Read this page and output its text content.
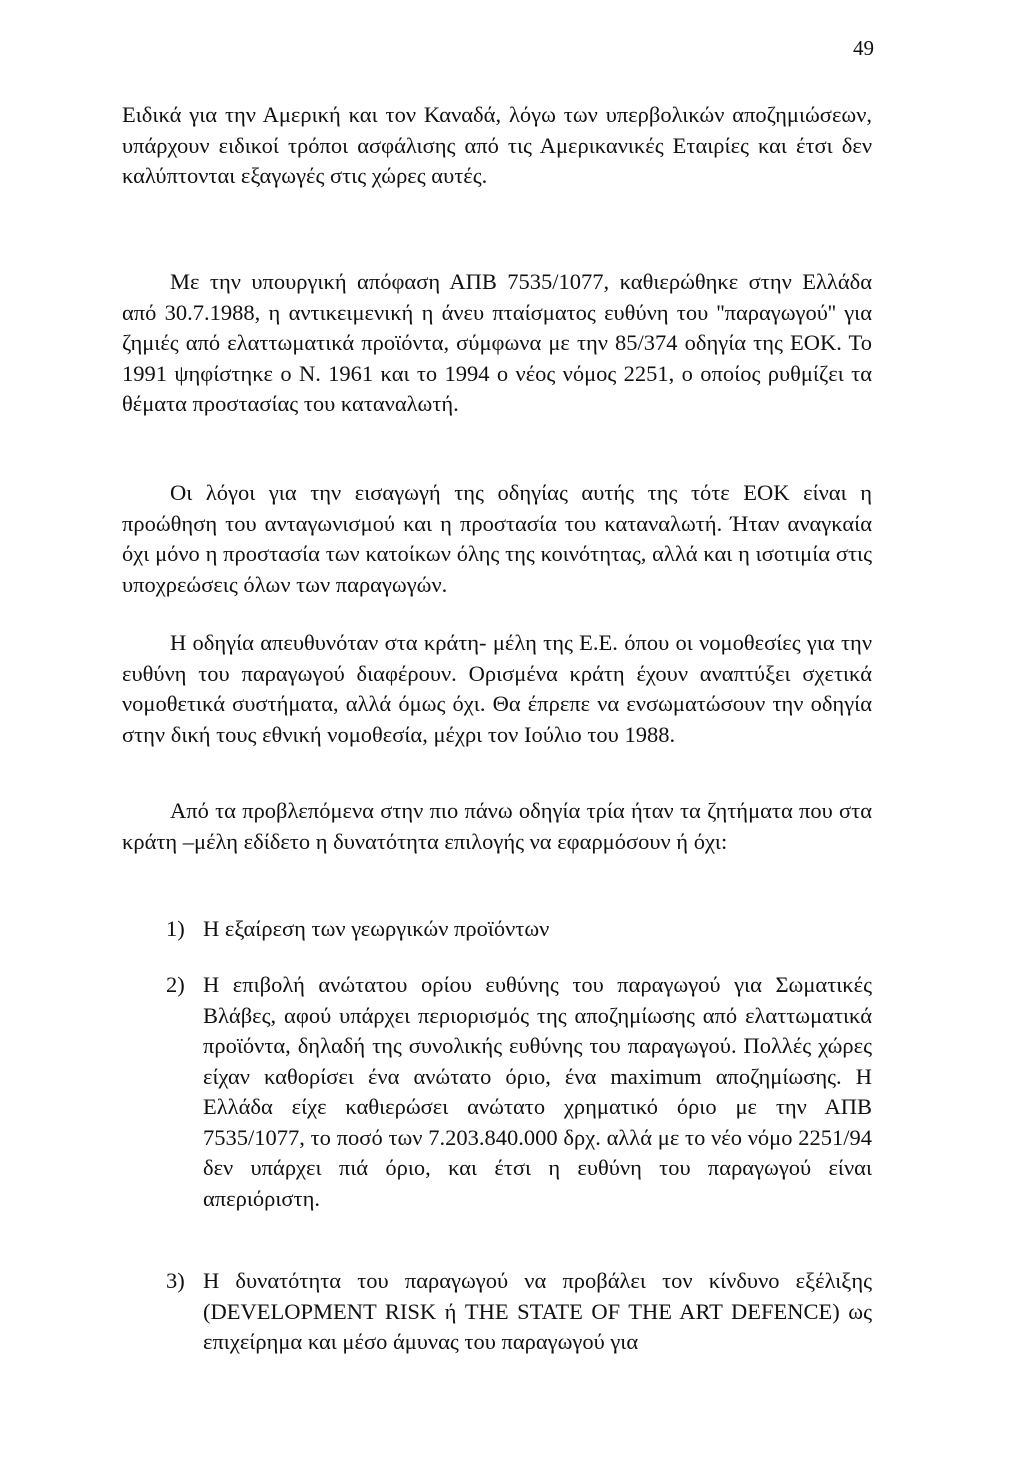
49

Ειδικά για την Αμερική και τον Καναδά, λόγω των υπερβολικών αποζημιώσεων, υπάρχουν ειδικοί τρόποι ασφάλισης από τις Αμερικανικές Εταιρίες και έτσι δεν καλύπτονται εξαγωγές στις χώρες αυτές.

Με την υπουργική απόφαση ΑΠΒ 7535/1077, καθιερώθηκε στην Ελλάδα από 30.7.1988, η αντικειμενική η άνευ πταίσματος ευθύνη του ''παραγωγού'' για ζημιές από ελαττωματικά προϊόντα, σύμφωνα με την 85/374 οδηγία της ΕΟΚ. Το 1991 ψηφίστηκε ο Ν. 1961 και το 1994 ο νέος νόμος 2251, ο οποίος ρυθμίζει τα θέματα προστασίας του καταναλωτή.

Οι λόγοι για την εισαγωγή της οδηγίας αυτής της τότε ΕΟΚ είναι η προώθηση του ανταγωνισμού και η προστασία του καταναλωτή. Ήταν αναγκαία όχι μόνο η προστασία των κατοίκων όλης της κοινότητας, αλλά και η ισοτιμία στις υποχρεώσεις όλων των παραγωγών.

Η οδηγία απευθυνόταν στα κράτη- μέλη της Ε.Ε. όπου οι νομοθεσίες για την ευθύνη του παραγωγού διαφέρουν. Ορισμένα κράτη έχουν αναπτύξει σχετικά νομοθετικά συστήματα, αλλά όμως όχι. Θα έπρεπε να ενσωματώσουν την οδηγία στην δική τους εθνική νομοθεσία, μέχρι τον Ιούλιο του 1988.

Από τα προβλεπόμενα στην πιο πάνω οδηγία τρία ήταν τα ζητήματα που στα κράτη –μέλη εδίδετο η δυνατότητα επιλογής να εφαρμόσουν ή όχι:

1) Η εξαίρεση των γεωργικών προϊόντων
2) Η επιβολή ανώτατου ορίου ευθύνης του παραγωγού για Σωματικές Βλάβες, αφού υπάρχει περιορισμός της αποζημίωσης από ελαττωματικά προϊόντα, δηλαδή της συνολικής ευθύνης του παραγωγού. Πολλές χώρες είχαν καθορίσει ένα ανώτατο όριο, ένα maximum αποζημίωσης. Η Ελλάδα είχε καθιερώσει ανώτατο χρηματικό όριο με την ΑΠΒ 7535/1077, το ποσό των 7.203.840.000 δρχ. αλλά με το νέο νόμο 2251/94 δεν υπάρχει πιά όριο, και έτσι η ευθύνη του παραγωγού είναι απεριόριστη.
3) Η δυνατότητα του παραγωγού να προβάλει τον κίνδυνο εξέλιξης (DEVELOPMENT RISK ή THE STATE OF THE ART DEFENCE) ως επιχείρημα και μέσο άμυνας του παραγωγού για
